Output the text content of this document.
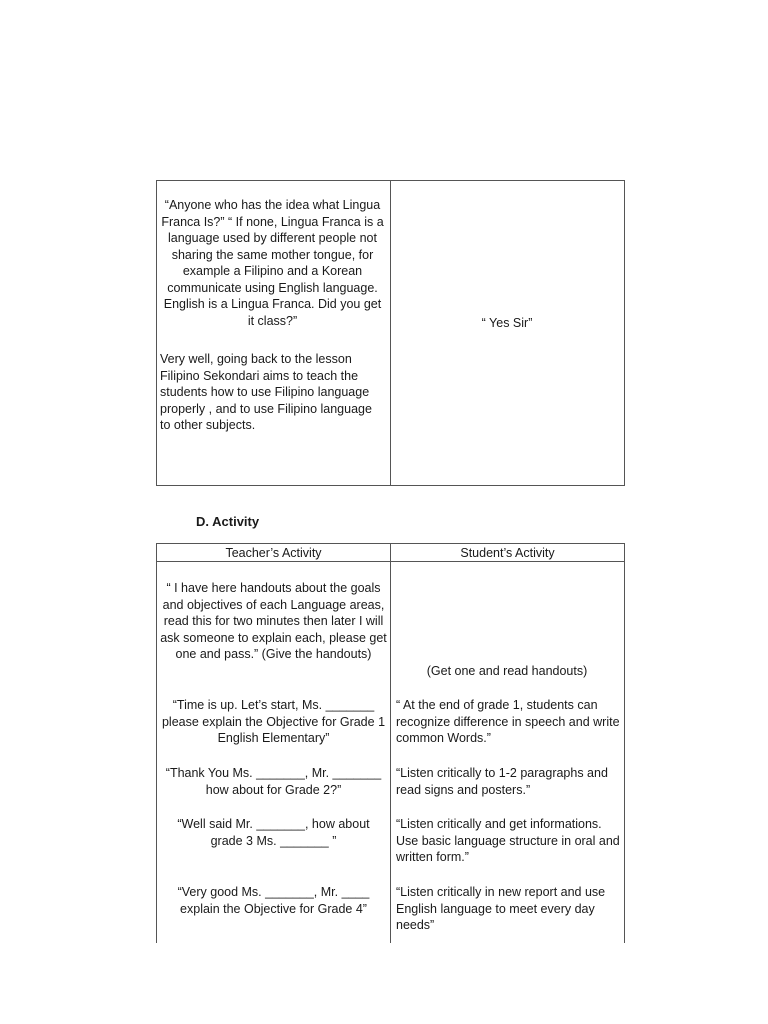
“Anyone who has the idea what Lingua Franca Is?” “ If none, Lingua Franca is a language used by different people not sharing the same mother tongue, for example a Filipino and a Korean communicate using English language. English is a Lingua Franca. Did you get it class?”

Very well, going back to the lesson Filipino Sekondari aims to teach the students how to use Filipino language properly , and to use Filipino language to other subjects.

“ Yes Sir”

D. Activity
Teacher’s Activity	Student’s Activity

“ I have here handouts about the goals and objectives of each Language areas, read this for two minutes then later I will ask someone to explain each, please get one and pass.” (Give the handouts)

(Get one and read handouts)

“Time is up. Let’s start, Ms. _______ please explain the Objective for Grade 1 English Elementary”

“ At the end of grade 1, students can recognize difference in speech and write common Words.”

“Thank You Ms. _______, Mr. _______ how about for Grade 2?”

“Listen critically to 1-2 paragraphs and read signs and posters.”

“Well said Mr. _______, how about grade 3 Ms. _______ ”

“Listen critically and get informations. Use basic language structure in oral and written form.”

“Very good Ms. _______, Mr. ____ explain the Objective for Grade 4”

“Listen critically in new report and use English language to meet every day needs”
